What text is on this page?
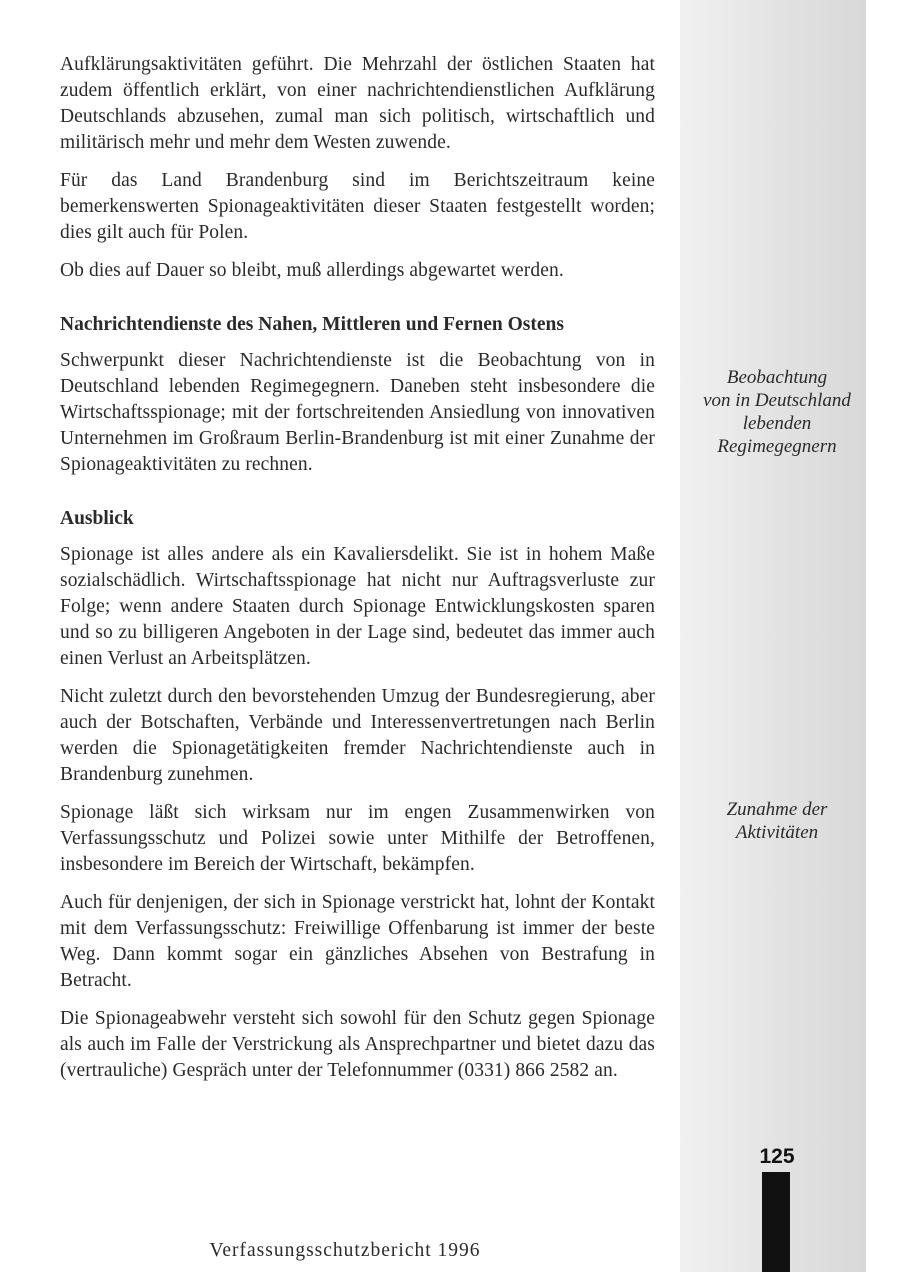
Aufklärungsaktivitäten geführt. Die Mehrzahl der östlichen Staaten hat zudem öffentlich erklärt, von einer nachrichtendienstlichen Aufklärung Deutschlands abzusehen, zumal man sich politisch, wirtschaftlich und militärisch mehr und mehr dem Westen zuwende.

Für das Land Brandenburg sind im Berichtszeitraum keine bemerkenswerten Spionageaktivitäten dieser Staaten festgestellt worden; dies gilt auch für Polen.

Ob dies auf Dauer so bleibt, muß allerdings abgewartet werden.

Nachrichtendienste des Nahen, Mittleren und Fernen Ostens

Schwerpunkt dieser Nachrichtendienste ist die Beobachtung von in Deutschland lebenden Regimegegnern. Daneben steht insbesondere die Wirtschaftsspionage; mit der fortschreitenden Ansiedlung von innovativen Unternehmen im Großraum Berlin-Brandenburg ist mit einer Zunahme der Spionageaktivitäten zu rechnen.

Ausblick

Spionage ist alles andere als ein Kavaliersdelikt. Sie ist in hohem Maße sozialschädlich. Wirtschaftsspionage hat nicht nur Auftragsverluste zur Folge; wenn andere Staaten durch Spionage Entwicklungskosten sparen und so zu billigeren Angeboten in der Lage sind, bedeutet das immer auch einen Verlust an Arbeitsplätzen.

Nicht zuletzt durch den bevorstehenden Umzug der Bundesregierung, aber auch der Botschaften, Verbände und Interessenvertretungen nach Berlin werden die Spionagetätigkeiten fremder Nachrichtendienste auch in Brandenburg zunehmen.

Spionage läßt sich wirksam nur im engen Zusammenwirken von Verfassungsschutz und Polizei sowie unter Mithilfe der Betroffenen, insbesondere im Bereich der Wirtschaft, bekämpfen.

Auch für denjenigen, der sich in Spionage verstrickt hat, lohnt der Kontakt mit dem Verfassungsschutz: Freiwillige Offenbarung ist immer der beste Weg. Dann kommt sogar ein gänzliches Absehen von Bestrafung in Betracht.

Die Spionageabwehr versteht sich sowohl für den Schutz gegen Spionage als auch im Falle der Verstrickung als Ansprechpartner und bietet dazu das (vertrauliche) Gespräch unter der Telefonnummer (0331) 866 2582 an.

Beobachtung
von in Deutschland
lebenden
Regimegegnern
Zunahme der
Aktivitäten
125
Verfassungsschutzbericht 1996
